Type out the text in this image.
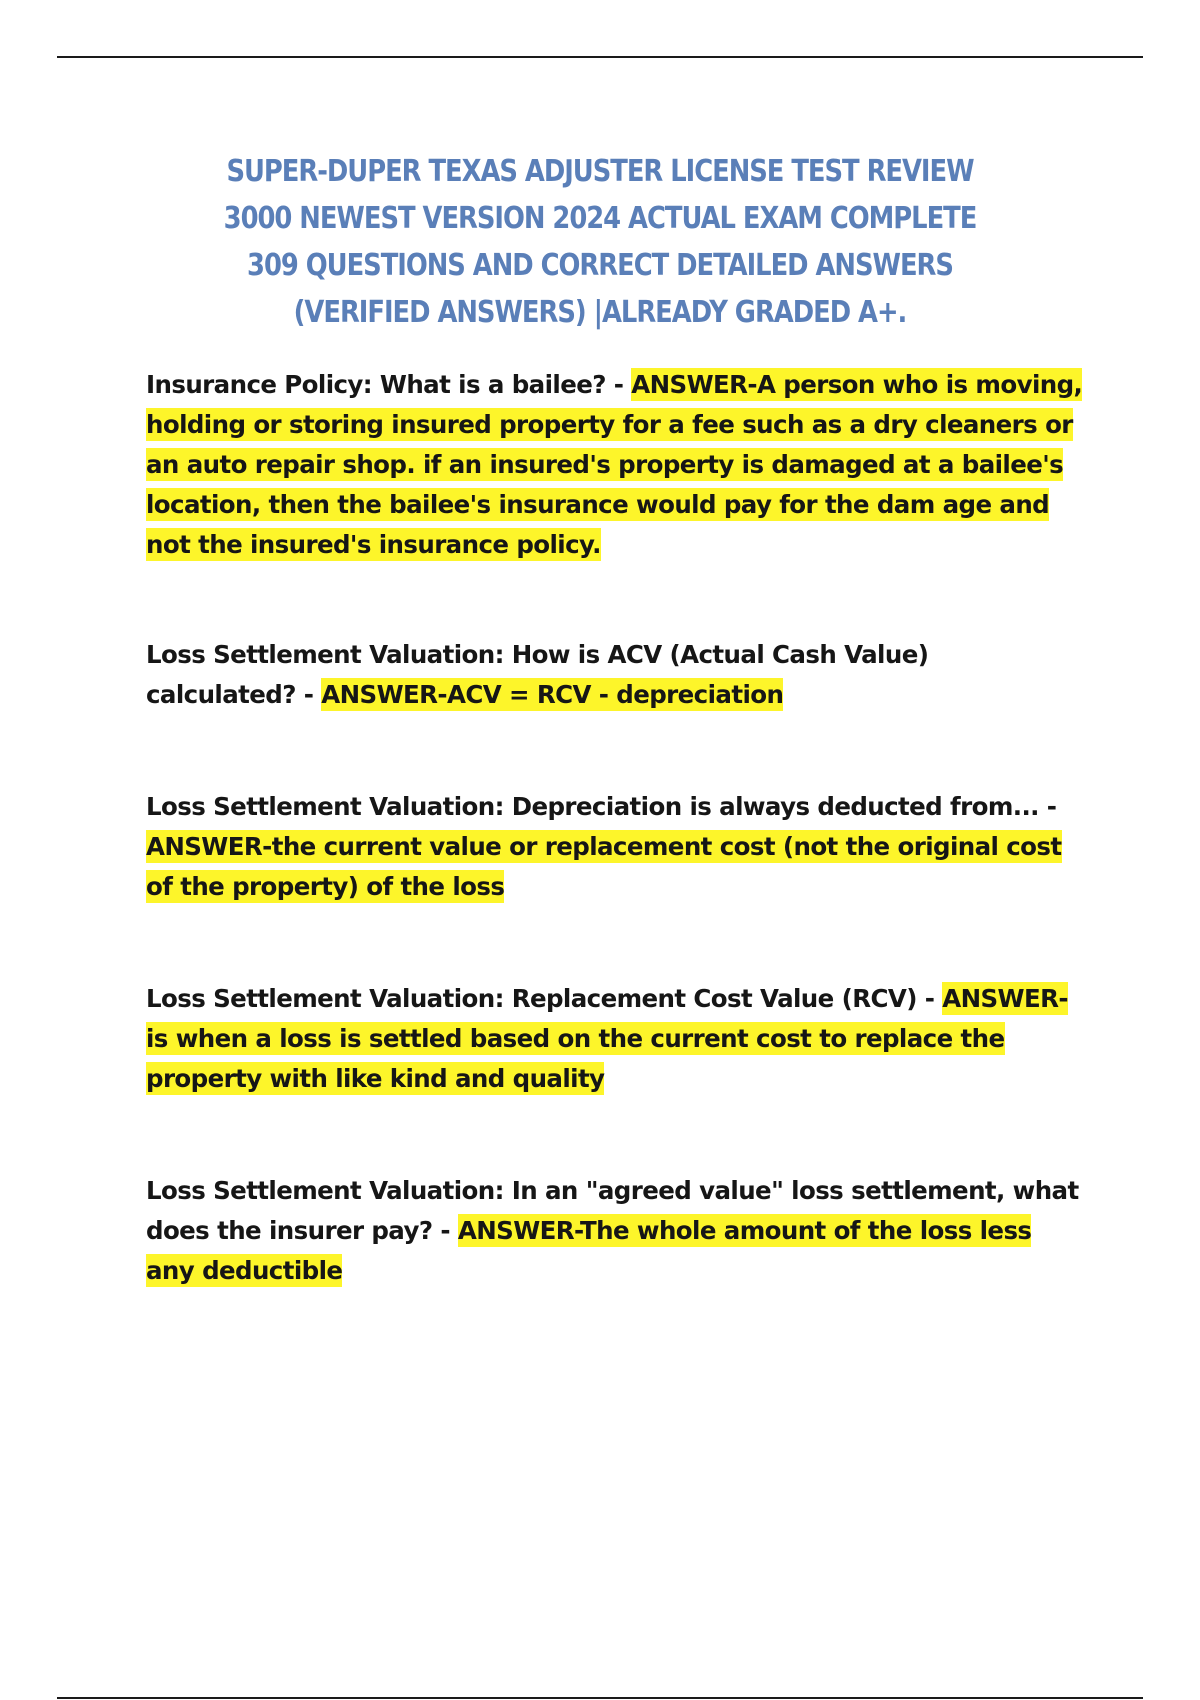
SUPER-DUPER TEXAS ADJUSTER LICENSE TEST REVIEW 3000 NEWEST VERSION 2024 ACTUAL EXAM COMPLETE 309 QUESTIONS AND CORRECT DETAILED ANSWERS (VERIFIED ANSWERS) |ALREADY GRADED A+.
Insurance Policy: What is a bailee? - ANSWER-A person who is moving, holding or storing insured property for a fee such as a dry cleaners or an auto repair shop. if an insured's property is damaged at a bailee's location, then the bailee's insurance would pay for the dam age and not the insured's insurance policy.
Loss Settlement Valuation: How is ACV (Actual Cash Value) calculated? - ANSWER-ACV = RCV - depreciation
Loss Settlement Valuation: Depreciation is always deducted from... - ANSWER-the current value or replacement cost (not the original cost of the property) of the loss
Loss Settlement Valuation: Replacement Cost Value (RCV) - ANSWER-is when a loss is settled based on the current cost to replace the property with like kind and quality
Loss Settlement Valuation: In an "agreed value" loss settlement, what does the insurer pay? - ANSWER-The whole amount of the loss less any deductible
